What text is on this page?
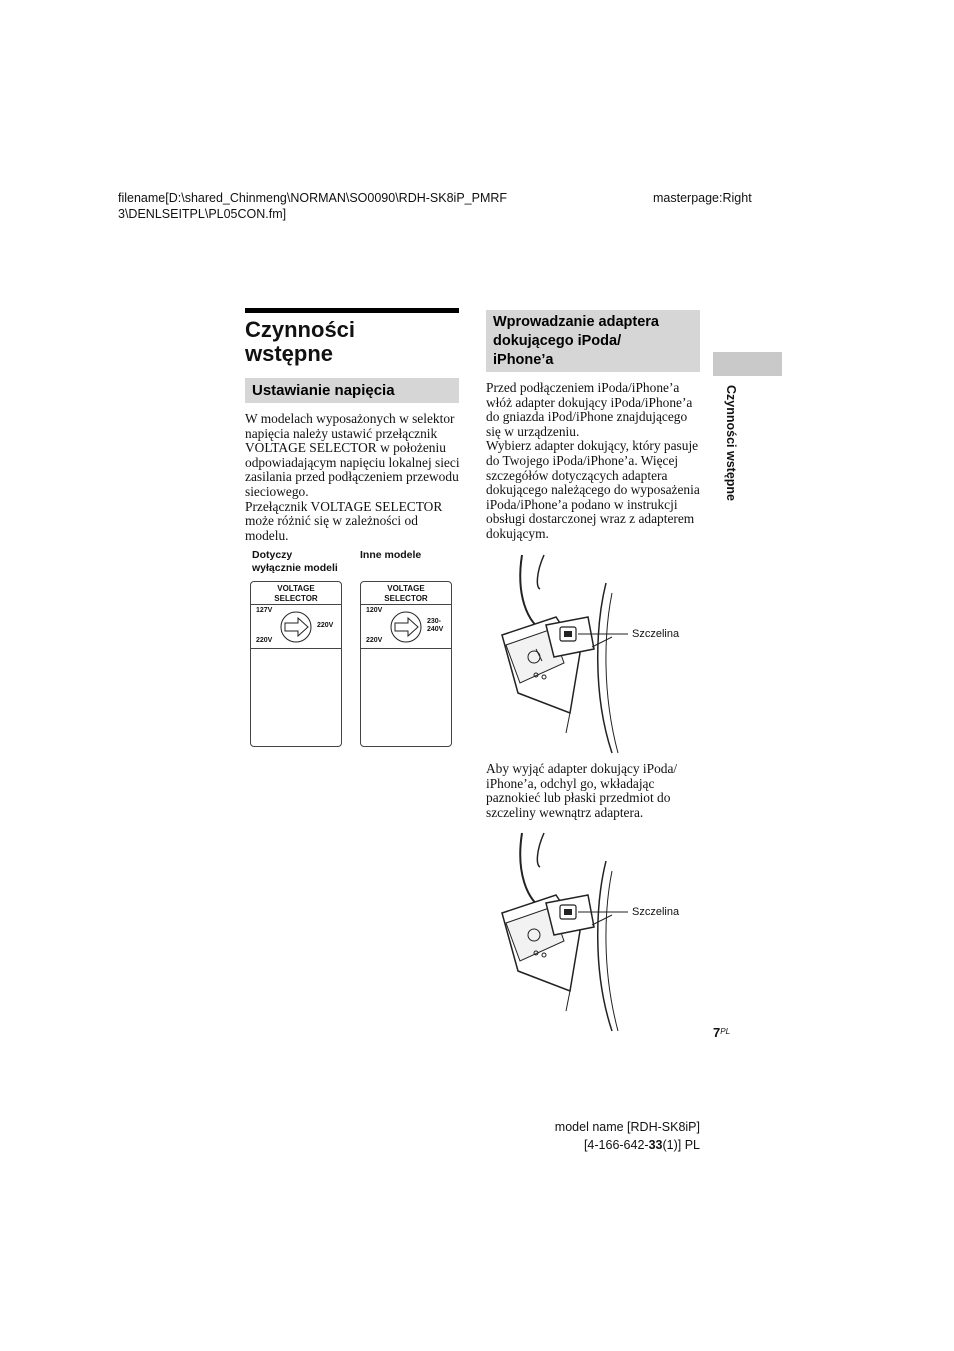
filename[D:\shared_Chinmeng\NORMAN\SO0090\RDH-SK8iP_PMRF
3\DENLSEITPL\PL05CON.fm]
masterpage:Right
Czynności
wstępne
Ustawianie napięcia

W modelach wyposażonych w selektor napięcia należy ustawić przełącznik VOLTAGE SELECTOR w położeniu odpowiadającym napięciu lokalnej sieci zasilania przed podłączeniem przewodu sieciowego.

Przełącznik VOLTAGE SELECTOR może różnić się w zależności od modelu.

Dotyczy
wyłącznie modeli
Inne modele
VOLTAGE
SELECTOR
127V
220V
220V
VOLTAGE
SELECTOR
120V
220V
230-
240V
Wprowadzanie adaptera
dokującego iPoda/
iPhone’a

Przed podłączeniem iPoda/iPhone’a włóż adapter dokujący iPoda/iPhone’a do gniazda iPod/iPhone znajdującego się w urządzeniu.

Wybierz adapter dokujący, który pasuje do Twojego iPoda/iPhone’a. Więcej szczegółów dotyczących adaptera dokującego należącego do wyposażenia iPoda/iPhone’a podano w instrukcji obsługi dostarczonej wraz z adapterem dokującym.

Szczelina
Aby wyjąć adapter dokujący iPoda/ iPhone’a, odchyl go, wkładając paznokieć lub płaski przedmiot do szczeliny wewnątrz adaptera.
Szczelina
Czynności wstępne
$7^{PL}$
model name [RDH-SK8iP]
[4-166-642-33(1)] PL
